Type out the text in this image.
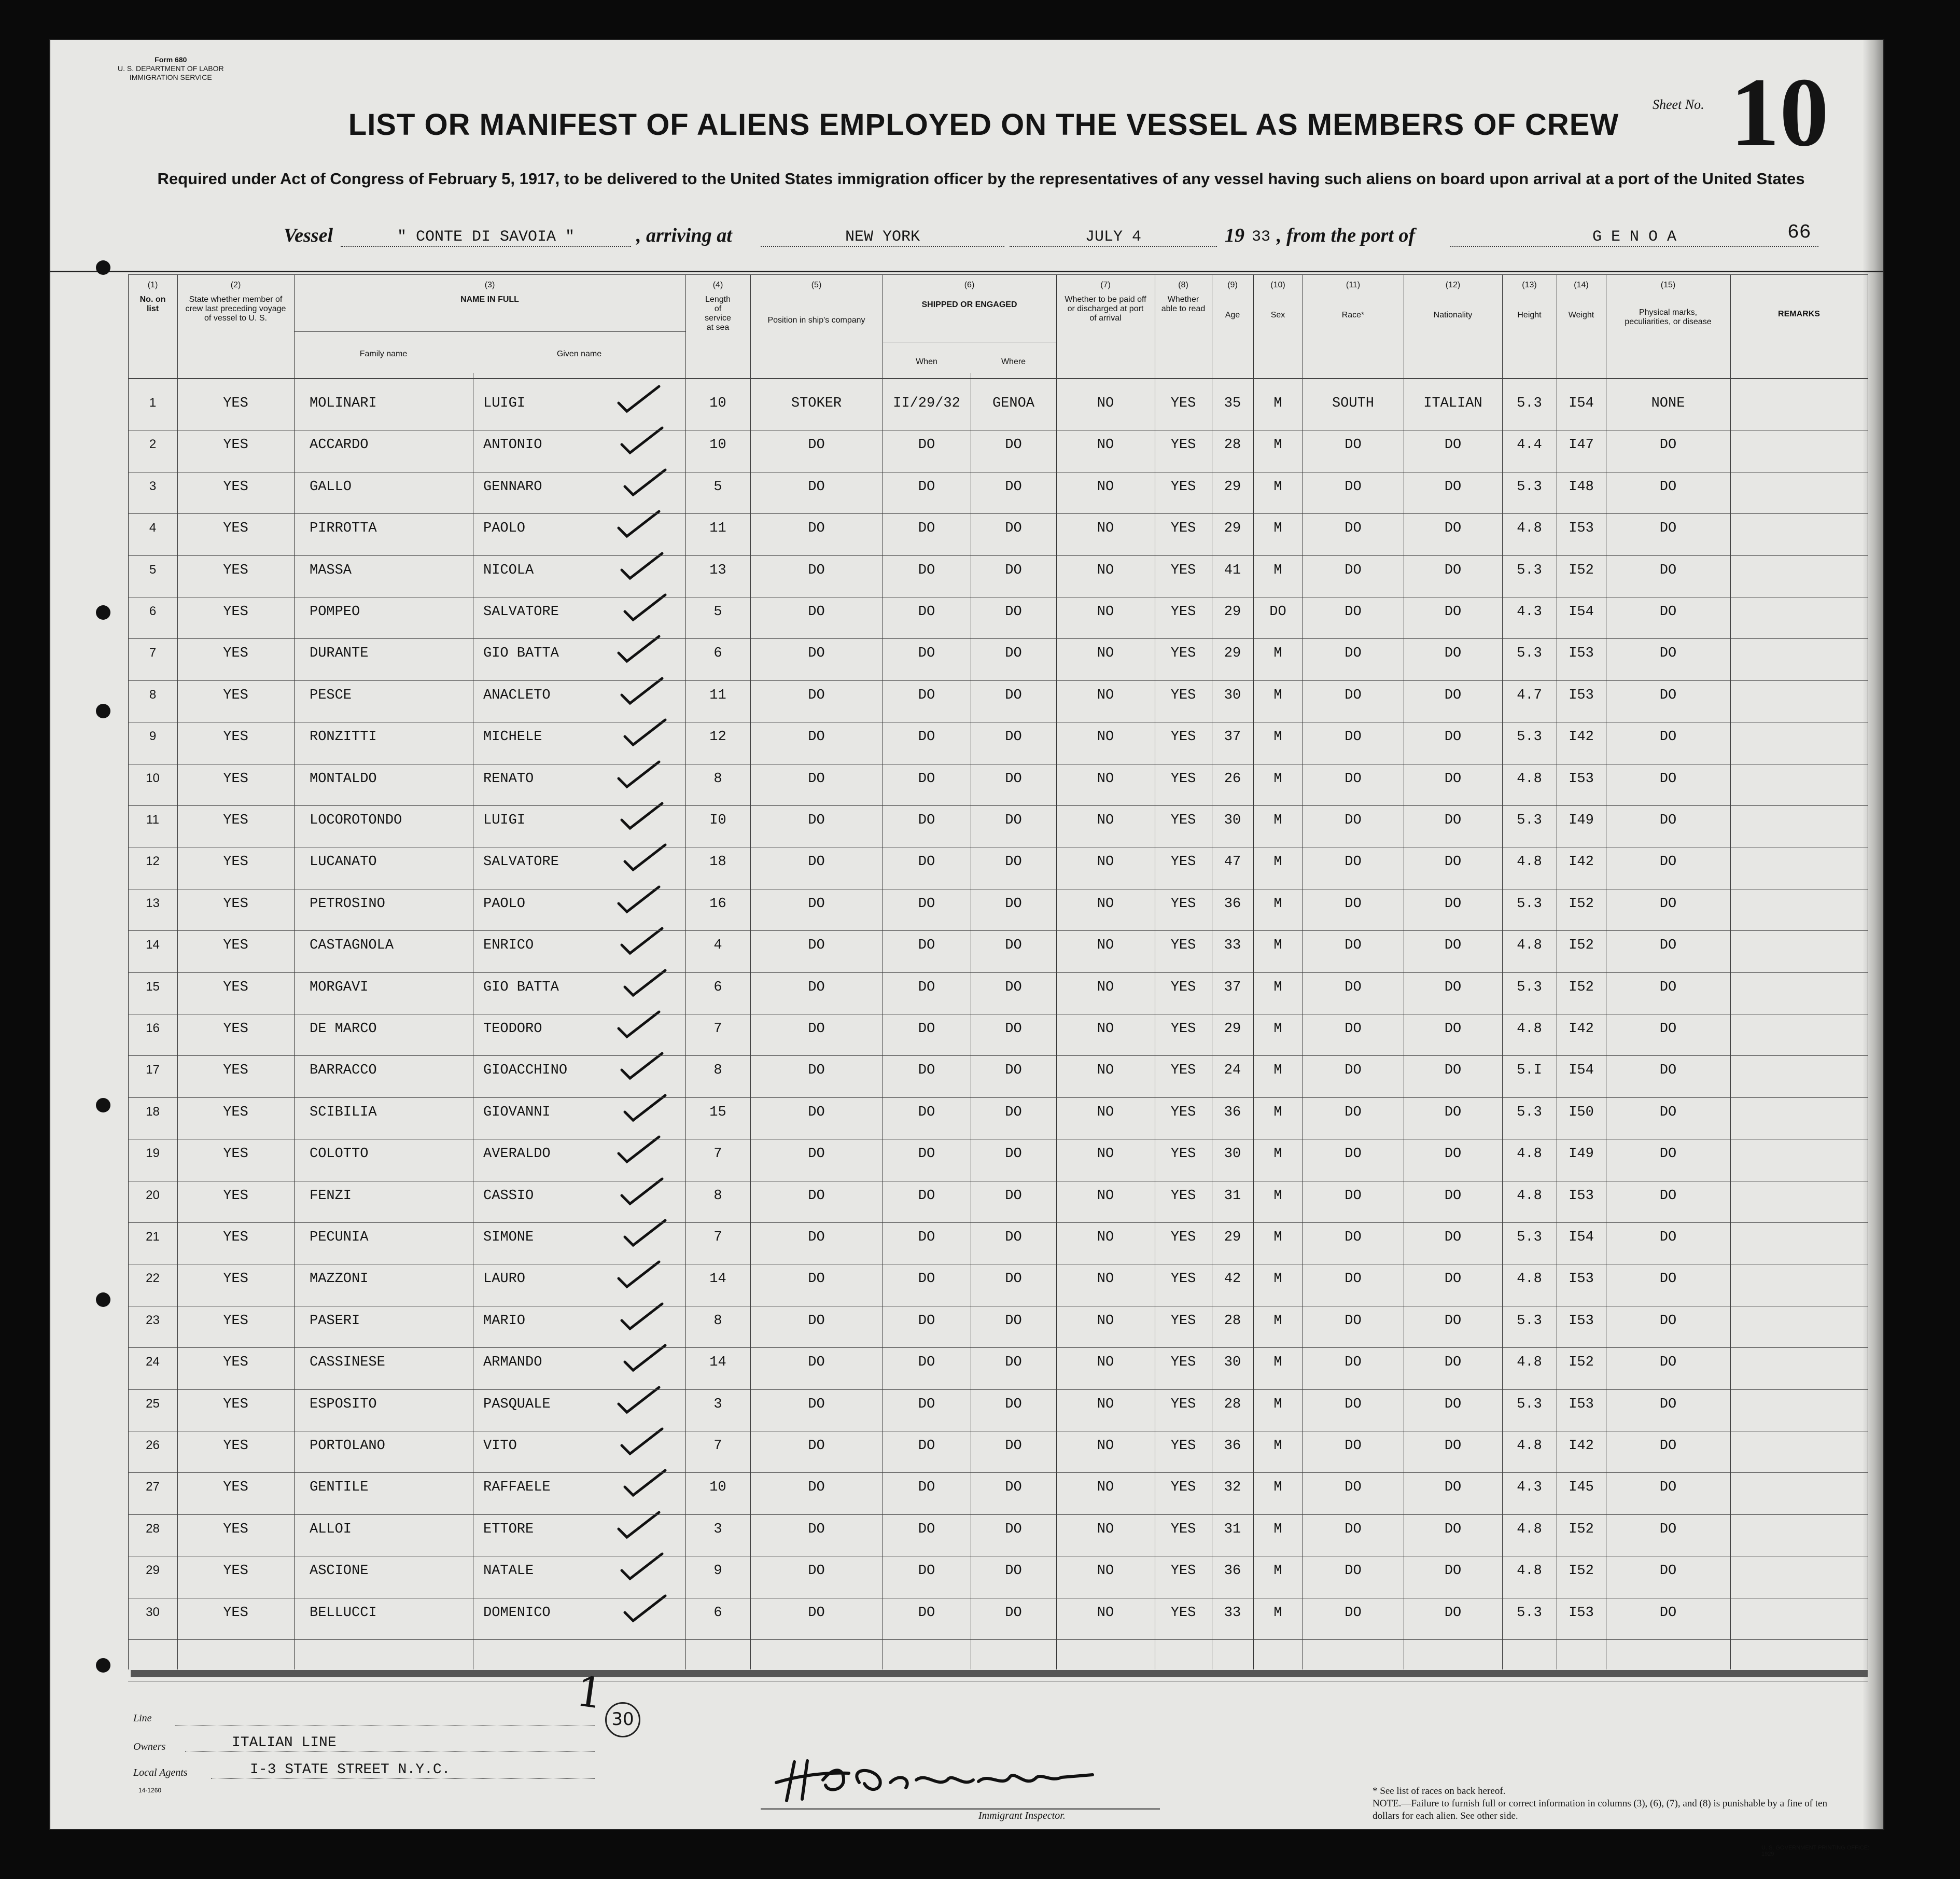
Form 680
U. S. DEPARTMENT OF LABOR
IMMIGRATION SERVICE
LIST OR MANIFEST OF ALIENS EMPLOYED ON THE VESSEL AS MEMBERS OF CREW
Sheet No. 10
Required under Act of Congress of February 5, 1917, to be delivered to the United States immigration officer by the representatives of any vessel having such aliens on board upon arrival at a port of the United States
Vessel	" CONTE DI SAVOIA "	, arriving at	NEW YORK	JULY 4	19 33 , from the port of	G E N O A	66
(1)
No. on list
(2)
State whether member of crew last preceding voyage of vessel to U. S.
(3)
NAME IN FULL
Family name	Given name
(4)
Length of service at sea
(5)
Position in ship's company
(6)
SHIPPED OR ENGAGED
When	Where
(7)
Whether to be paid off or discharged at port of arrival
(8)
Whether able to read
(9)
Age
(10)
Sex
(11)
Race*
(12)
Nationality
(13)
Height
(14)
Weight
(15)
Physical marks, peculiarities, or disease
REMARKS
1	YES	MOLINARI	LUIGI	10	STOKER	II/29/32	GENOA	NO	YES	35	M	SOUTH	ITALIAN	5.3	I54	NONE
2	YES	ACCARDO	ANTONIO	10	DO	DO	DO	NO	YES	28	M	DO	DO	4.4	I47	DO
3	YES	GALLO	GENNARO	5	DO	DO	DO	NO	YES	29	M	DO	DO	5.3	I48	DO
4	YES	PIRROTTA	PAOLO	11	DO	DO	DO	NO	YES	29	M	DO	DO	4.8	I53	DO
5	YES	MASSA	NICOLA	13	DO	DO	DO	NO	YES	41	M	DO	DO	5.3	I52	DO
6	YES	POMPEO	SALVATORE	5	DO	DO	DO	NO	YES	29	DO	DO	DO	4.3	I54	DO
7	YES	DURANTE	GIO BATTA	6	DO	DO	DO	NO	YES	29	M	DO	DO	5.3	I53	DO
8	YES	PESCE	ANACLETO	11	DO	DO	DO	NO	YES	30	M	DO	DO	4.7	I53	DO
9	YES	RONZITTI	MICHELE	12	DO	DO	DO	NO	YES	37	M	DO	DO	5.3	I42	DO
10	YES	MONTALDO	RENATO	8	DO	DO	DO	NO	YES	26	M	DO	DO	4.8	I53	DO
11	YES	LOCOROTONDO	LUIGI	I0	DO	DO	DO	NO	YES	30	M	DO	DO	5.3	I49	DO
12	YES	LUCANATO	SALVATORE	18	DO	DO	DO	NO	YES	47	M	DO	DO	4.8	I42	DO
13	YES	PETROSINO	PAOLO	16	DO	DO	DO	NO	YES	36	M	DO	DO	5.3	I52	DO
14	YES	CASTAGNOLA	ENRICO	4	DO	DO	DO	NO	YES	33	M	DO	DO	4.8	I52	DO
15	YES	MORGAVI	GIO BATTA	6	DO	DO	DO	NO	YES	37	M	DO	DO	5.3	I52	DO
16	YES	DE MARCO	TEODORO	7	DO	DO	DO	NO	YES	29	M	DO	DO	4.8	I42	DO
17	YES	BARRACCO	GIOACCHINO	8	DO	DO	DO	NO	YES	24	M	DO	DO	5.I	I54	DO
18	YES	SCIBILIA	GIOVANNI	15	DO	DO	DO	NO	YES	36	M	DO	DO	5.3	I50	DO
19	YES	COLOTTO	AVERALDO	7	DO	DO	DO	NO	YES	30	M	DO	DO	4.8	I49	DO
20	YES	FENZI	CASSIO	8	DO	DO	DO	NO	YES	31	M	DO	DO	4.8	I53	DO
21	YES	PECUNIA	SIMONE	7	DO	DO	DO	NO	YES	29	M	DO	DO	5.3	I54	DO
22	YES	MAZZONI	LAURO	14	DO	DO	DO	NO	YES	42	M	DO	DO	4.8	I53	DO
23	YES	PASERI	MARIO	8	DO	DO	DO	NO	YES	28	M	DO	DO	5.3	I53	DO
24	YES	CASSINESE	ARMANDO	14	DO	DO	DO	NO	YES	30	M	DO	DO	4.8	I52	DO
25	YES	ESPOSITO	PASQUALE	3	DO	DO	DO	NO	YES	28	M	DO	DO	5.3	I53	DO
26	YES	PORTOLANO	VITO	7	DO	DO	DO	NO	YES	36	M	DO	DO	4.8	I42	DO
27	YES	GENTILE	RAFFAELE	10	DO	DO	DO	NO	YES	32	M	DO	DO	4.3	I45	DO
28	YES	ALLOI	ETTORE	3	DO	DO	DO	NO	YES	31	M	DO	DO	4.8	I52	DO
29	YES	ASCIONE	NATALE	9	DO	DO	DO	NO	YES	36	M	DO	DO	4.8	I52	DO
30	YES	BELLUCCI	DOMENICO	6	DO	DO	DO	NO	YES	33	M	DO	DO	5.3	I53	DO
Line
Owners	ITALIAN LINE
Local Agents	I-3 STATE STREET N.Y.C.
14-1260
1
30
Immigrant Inspector.
* See list of races on back hereof.
NOTE.—Failure to furnish full or correct information in columns (3), (6), (7), and (8) is punishable by a fine of ten dollars for each alien. See other side.
U. S. GOVERNMENT PRINTING OFFICE: 1929
